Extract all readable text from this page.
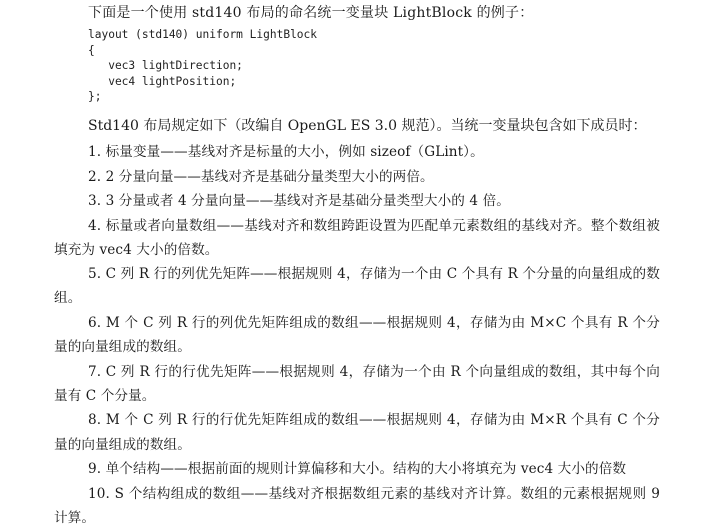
下面是一个使用 std140 布局的命名统一变量块 LightBlock 的例子：
layout (std140) uniform LightBlock
{
vec3 lightDirection;
vec4 lightPosition;
};
Std140 布局规定如下（改编自 OpenGL ES 3.0 规范）。当统一变量块包含如下成员时：
1. 标量变量——基线对齐是标量的大小，例如 sizeof（GLint）。
2. 2 分量向量——基线对齐是基础分量类型大小的两倍。
3. 3 分量或者 4 分量向量——基线对齐是基础分量类型大小的 4 倍。
4. 标量或者向量数组——基线对齐和数组跨距设置为匹配单元素数组的基线对齐。整个数组被填充为 vec4 大小的倍数。
5. C 列 R 行的列优先矩阵——根据规则 4，存储为一个由 C 个具有 R 个分量的向量组成的数组。
6. M 个 C 列 R 行的列优先矩阵组成的数组——根据规则 4，存储为由 M×C 个具有 R 个分量的向量组成的数组。
7. C 列 R 行的行优先矩阵——根据规则 4，存储为一个由 R 个向量组成的数组，其中每个向量有 C 个分量。
8. M 个 C 列 R 行的行优先矩阵组成的数组——根据规则 4，存储为由 M×R 个具有 C 个分量的向量组成的数组。
9. 单个结构——根据前面的规则计算偏移和大小。结构的大小将填充为 vec4 大小的倍数
10. S 个结构组成的数组——基线对齐根据数组元素的基线对齐计算。数组的元素根据规则 9 计算。
